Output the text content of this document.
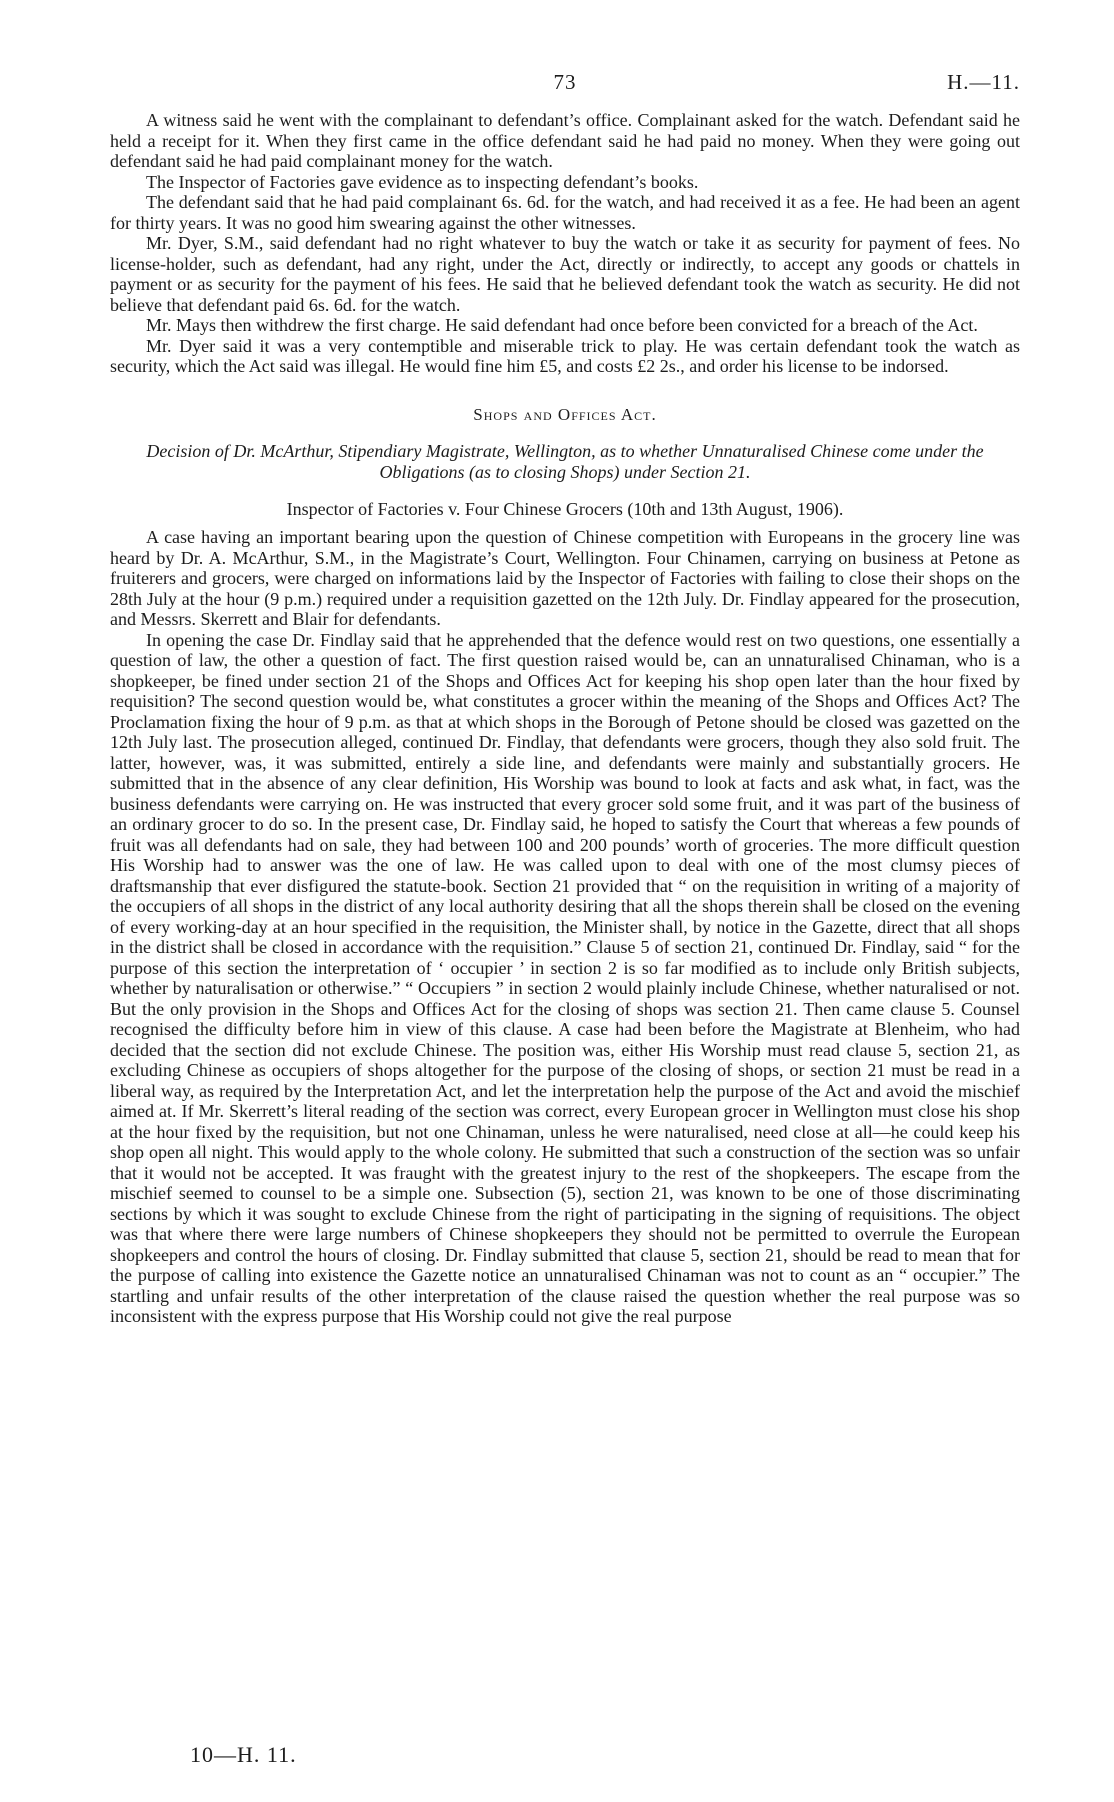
73	H.—11.

A witness said he went with the complainant to defendant’s office. Complainant asked for the watch. Defendant said he held a receipt for it. When they first came in the office defendant said he had paid no money. When they were going out defendant said he had paid complainant money for the watch.

The Inspector of Factories gave evidence as to inspecting defendant’s books.

The defendant said that he had paid complainant 6s. 6d. for the watch, and had received it as a fee. He had been an agent for thirty years. It was no good him swearing against the other witnesses.

Mr. Dyer, S.M., said defendant had no right whatever to buy the watch or take it as security for payment of fees. No license-holder, such as defendant, had any right, under the Act, directly or indirectly, to accept any goods or chattels in payment or as security for the payment of his fees. He said that he believed defendant took the watch as security. He did not believe that defendant paid 6s. 6d. for the watch.

Mr. Mays then withdrew the first charge. He said defendant had once before been convicted for a breach of the Act.

Mr. Dyer said it was a very contemptible and miserable trick to play. He was certain defendant took the watch as security, which the Act said was illegal. He would fine him £5, and costs £2 2s., and order his license to be indorsed.

Shops and Offices Act.
Decision of Dr. McArthur, Stipendiary Magistrate, Wellington, as to whether Unnaturalised Chinese come under the Obligations (as to closing Shops) under Section 21.

Inspector of Factories v. Four Chinese Grocers (10th and 13th August, 1906).

A case having an important bearing upon the question of Chinese competition with Europeans in the grocery line was heard by Dr. A. McArthur, S.M., in the Magistrate’s Court, Wellington. Four Chinamen, carrying on business at Petone as fruiterers and grocers, were charged on informations laid by the Inspector of Factories with failing to close their shops on the 28th July at the hour (9 p.m.) required under a requisition gazetted on the 12th July. Dr. Findlay appeared for the prosecution, and Messrs. Skerrett and Blair for defendants.

In opening the case Dr. Findlay said that he apprehended that the defence would rest on two questions, one essentially a question of law, the other a question of fact. The first question raised would be, can an unnaturalised Chinaman, who is a shopkeeper, be fined under section 21 of the Shops and Offices Act for keeping his shop open later than the hour fixed by requisition? The second question would be, what constitutes a grocer within the meaning of the Shops and Offices Act? The Proclamation fixing the hour of 9 p.m. as that at which shops in the Borough of Petone should be closed was gazetted on the 12th July last. The prosecution alleged, continued Dr. Findlay, that defendants were grocers, though they also sold fruit. The latter, however, was, it was submitted, entirely a side line, and defendants were mainly and substantially grocers. He submitted that in the absence of any clear definition, His Worship was bound to look at facts and ask what, in fact, was the business defendants were carrying on. He was instructed that every grocer sold some fruit, and it was part of the business of an ordinary grocer to do so. In the present case, Dr. Findlay said, he hoped to satisfy the Court that whereas a few pounds of fruit was all defendants had on sale, they had between 100 and 200 pounds’ worth of groceries. The more difficult question His Worship had to answer was the one of law. He was called upon to deal with one of the most clumsy pieces of draftsmanship that ever disfigured the statute-book. Section 21 provided that “ on the requisition in writing of a majority of the occupiers of all shops in the district of any local authority desiring that all the shops therein shall be closed on the evening of every working-day at an hour specified in the requisition, the Minister shall, by notice in the Gazette, direct that all shops in the district shall be closed in accordance with the requisition.” Clause 5 of section 21, continued Dr. Findlay, said “ for the purpose of this section the interpretation of ‘ occupier ’ in section 2 is so far modified as to include only British subjects, whether by naturalisation or otherwise.” “ Occupiers ” in section 2 would plainly include Chinese, whether naturalised or not. But the only provision in the Shops and Offices Act for the closing of shops was section 21. Then came clause 5. Counsel recognised the difficulty before him in view of this clause. A case had been before the Magistrate at Blenheim, who had decided that the section did not exclude Chinese. The position was, either His Worship must read clause 5, section 21, as excluding Chinese as occupiers of shops altogether for the purpose of the closing of shops, or section 21 must be read in a liberal way, as required by the Interpretation Act, and let the interpretation help the purpose of the Act and avoid the mischief aimed at. If Mr. Skerrett’s literal reading of the section was correct, every European grocer in Wellington must close his shop at the hour fixed by the requisition, but not one Chinaman, unless he were naturalised, need close at all—he could keep his shop open all night. This would apply to the whole colony. He submitted that such a construction of the section was so unfair that it would not be accepted. It was fraught with the greatest injury to the rest of the shopkeepers. The escape from the mischief seemed to counsel to be a simple one. Subsection (5), section 21, was known to be one of those discriminating sections by which it was sought to exclude Chinese from the right of participating in the signing of requisitions. The object was that where there were large numbers of Chinese shopkeepers they should not be permitted to overrule the European shopkeepers and control the hours of closing. Dr. Findlay submitted that clause 5, section 21, should be read to mean that for the purpose of calling into existence the Gazette notice an unnaturalised Chinaman was not to count as an “ occupier.” The startling and unfair results of the other interpretation of the clause raised the question whether the real purpose was so inconsistent with the express purpose that His Worship could not give the real purpose

10—H. 11.
